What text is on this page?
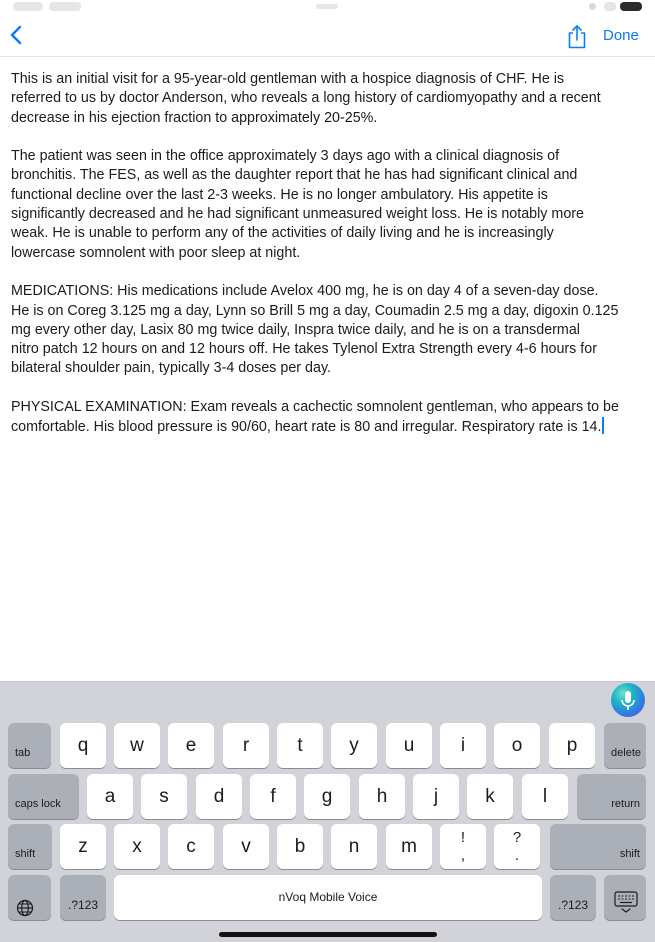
Done

This is an initial visit for a 95-year-old gentleman with a hospice diagnosis of CHF. He is
referred to us by doctor Anderson, who reveals a long history of cardiomyopathy and a recent
decrease in his ejection fraction to approximately 20-25%.

The patient was seen in the office approximately 3 days ago with a clinical diagnosis of
bronchitis. The FES, as well as the daughter report that he has had significant clinical and
functional decline over the last 2-3 weeks. He is no longer ambulatory. His appetite is
significantly decreased and he had significant unmeasured weight loss. He is notably more
weak. He is unable to perform any of the activities of daily living and he is increasingly
lowercase somnolent with poor sleep at night.

MEDICATIONS: His medications include Avelox 400 mg, he is on day 4 of a seven-day dose.
He is on Coreg 3.125 mg a day, Lynn so Brill 5 mg a day, Coumadin 2.5 mg a day, digoxin 0.125
mg every other day, Lasix 80 mg twice daily, Inspra twice daily, and he is on a transdermal
nitro patch 12 hours on and 12 hours off. He takes Tylenol Extra Strength every 4-6 hours for
bilateral shoulder pain, typically 3-4 doses per day.

PHYSICAL EXAMINATION: Exam reveals a cachectic somnolent gentleman, who appears to be
comfortable. His blood pressure is 90/60, heart rate is 80 and irregular. Respiratory rate is 14.

tab	q	w	e	r	t	y	u	i	o	p	delete
caps lock	a	s	d	f	g	h	j	k	l	return
shift	z	x	c	v	b	n	m	!
,
?
.	shift
.?123
nVoq Mobile Voice
.?123
